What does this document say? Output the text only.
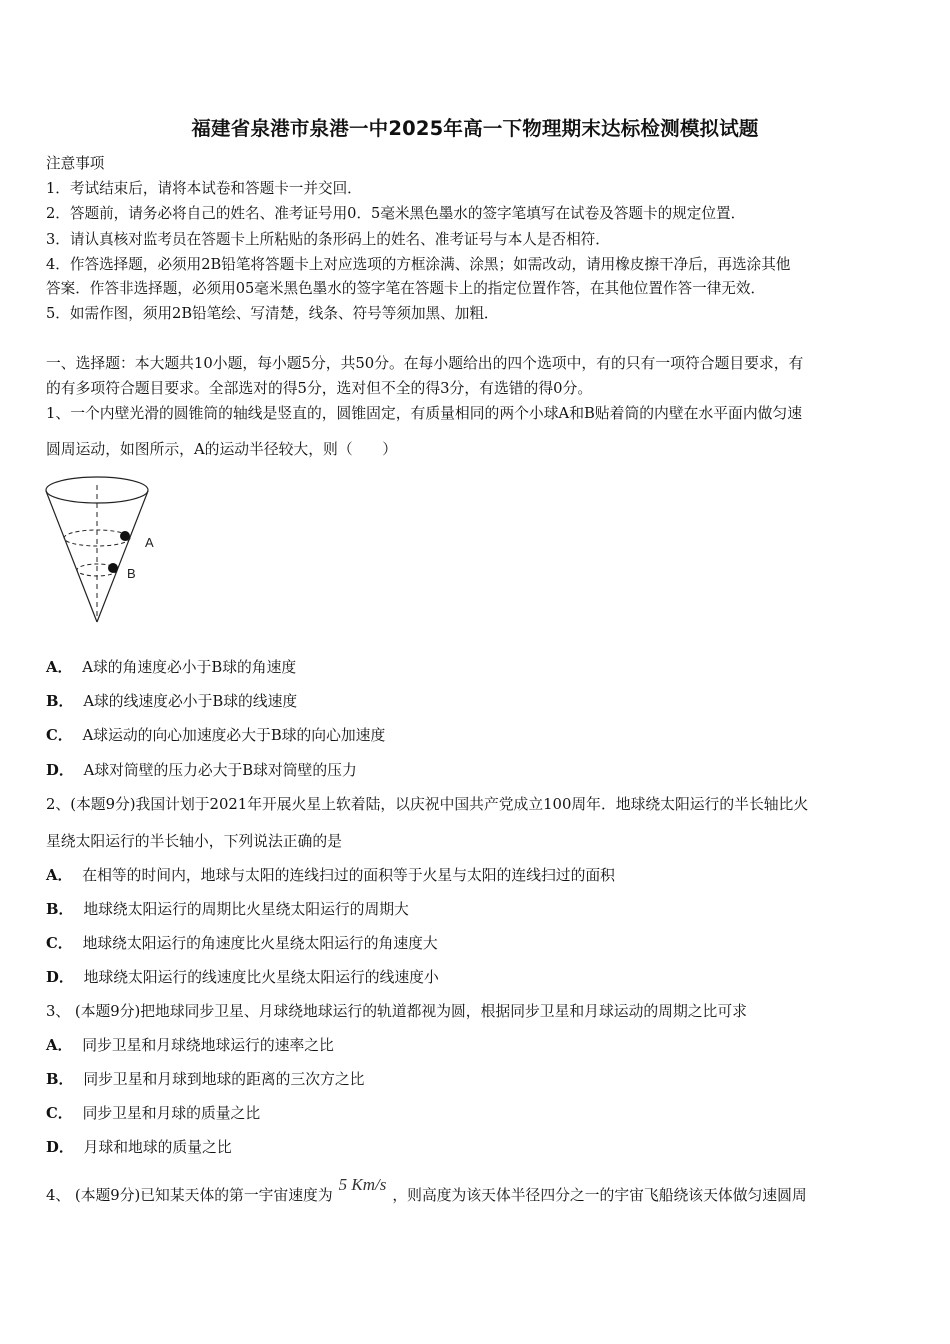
福建省泉港市泉港一中2025年高一下物理期末达标检测模拟试题
注意事项
1．考试结束后，请将本试卷和答题卡一并交回．
2．答题前，请务必将自己的姓名、准考证号用0．5毫米黑色墨水的签字笔填写在试卷及答题卡的规定位置．
3．请认真核对监考员在答题卡上所粘贴的条形码上的姓名、准考证号与本人是否相符．
4．作答选择题，必须用2B铅笔将答题卡上对应选项的方框涂满、涂黑；如需改动，请用橡皮擦干净后，再选涂其他
答案．作答非选择题，必须用05毫米黑色墨水的签字笔在答题卡上的指定位置作答，在其他位置作答一律无效．
5．如需作图，须用2B铅笔绘、写清楚，线条、符号等须加黑、加粗．
一、选择题：本大题共10小题，每小题5分，共50分。在每小题给出的四个选项中，有的只有一项符合题目要求，有
的有多项符合题目要求。全部选对的得5分，选对但不全的得3分，有选错的得0分。
1、一个内壁光滑的圆锥筒的轴线是竖直的，圆锥固定，有质量相同的两个小球A和B贴着筒的内壁在水平面内做匀速
圆周运动，如图所示，A的运动半径较大，则（　　）
A
B
A． A球的角速度必小于B球的角速度
B． A球的线速度必小于B球的线速度
C． A球运动的向心加速度必大于B球的向心加速度
D． A球对筒壁的压力必大于B球对筒壁的压力
2、(本题9分)我国计划于2021年开展火星上软着陆，以庆祝中国共产党成立100周年．地球绕太阳运行的半长轴比火
星绕太阳运行的半长轴小，下列说法正确的是
A． 在相等的时间内，地球与太阳的连线扫过的面积等于火星与太阳的连线扫过的面积
B． 地球绕太阳运行的周期比火星绕太阳运行的周期大
C． 地球绕太阳运行的角速度比火星绕太阳运行的角速度大
D． 地球绕太阳运行的线速度比火星绕太阳运行的线速度小
3、 (本题9分)把地球同步卫星、月球绕地球运行的轨道都视为圆，根据同步卫星和月球运动的周期之比可求
A． 同步卫星和月球绕地球运行的速率之比
B． 同步卫星和月球到地球的距离的三次方之比
C． 同步卫星和月球的质量之比
D． 月球和地球的质量之比
4、 (本题9分)已知某天体的第一宇宙速度为5 Km/s，则高度为该天体半径四分之一的宇宙飞船绕该天体做匀速圆周
